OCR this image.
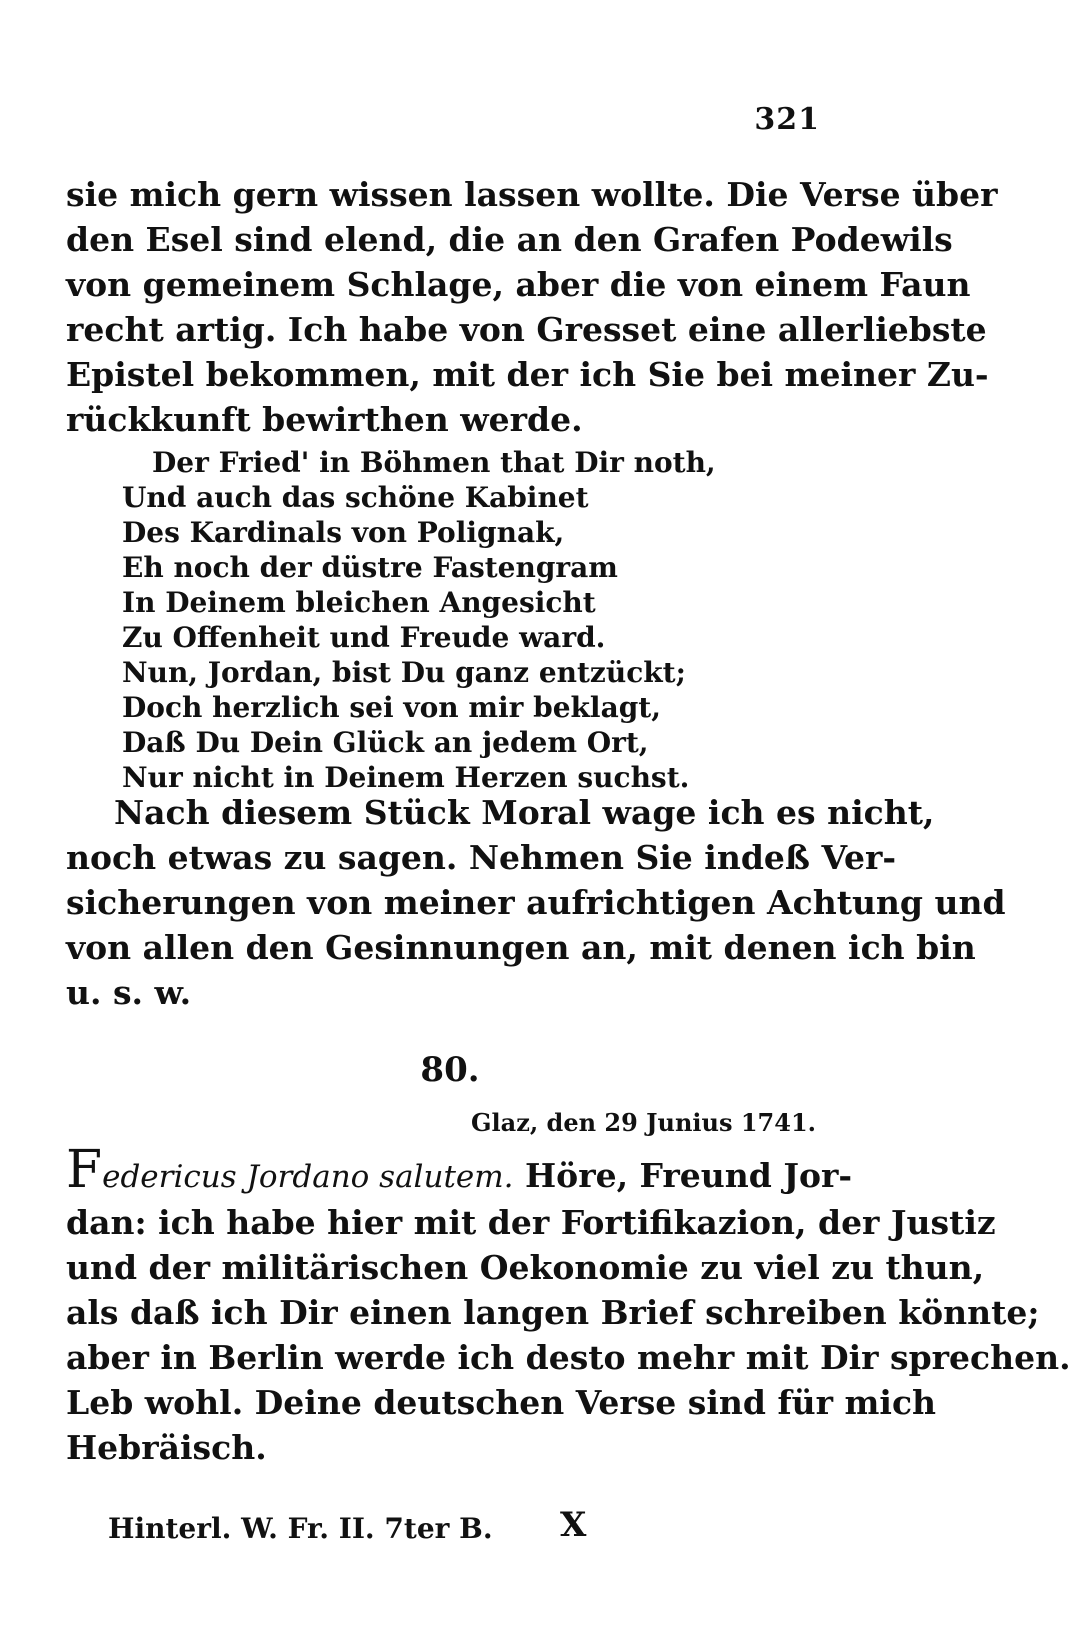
321
sie mich gern wissen lassen wollte. Die Verse über
den Esel sind elend, die an den Grafen Podewils
von gemeinem Schlage, aber die von einem Faun
recht artig. Ich habe von Gresset eine allerliebste
Epistel bekommen, mit der ich Sie bei meiner Zu-
rückkunft bewirthen werde.
Der Fried' in Böhmen that Dir noth,
Und auch das schöne Kabinet
Des Kardinals von Polignak,
Eh noch der düstre Fastengram
In Deinem bleichen Angesicht
Zu Offenheit und Freude ward.
Nun, Jordan, bist Du ganz entzückt;
Doch herzlich sei von mir beklagt,
Daß Du Dein Glück an jedem Ort,
Nur nicht in Deinem Herzen suchst.
Nach diesem Stück Moral wage ich es nicht,
noch etwas zu sagen. Nehmen Sie indeß Ver-
sicherungen von meiner aufrichtigen Achtung und
von allen den Gesinnungen an, mit denen ich bin
u. s. w.
80.
Glaz, den 29 Junius 1741.
Federicus Jordano salutem. Höre, Freund Jor-
dan: ich habe hier mit der Fortifikazion, der Justiz
und der militärischen Oekonomie zu viel zu thun,
als daß ich Dir einen langen Brief schreiben könnte;
aber in Berlin werde ich desto mehr mit Dir sprechen.
Leb wohl. Deine deutschen Verse sind für mich
Hebräisch.
Hinterl. W. Fr. II. 7ter B. X
